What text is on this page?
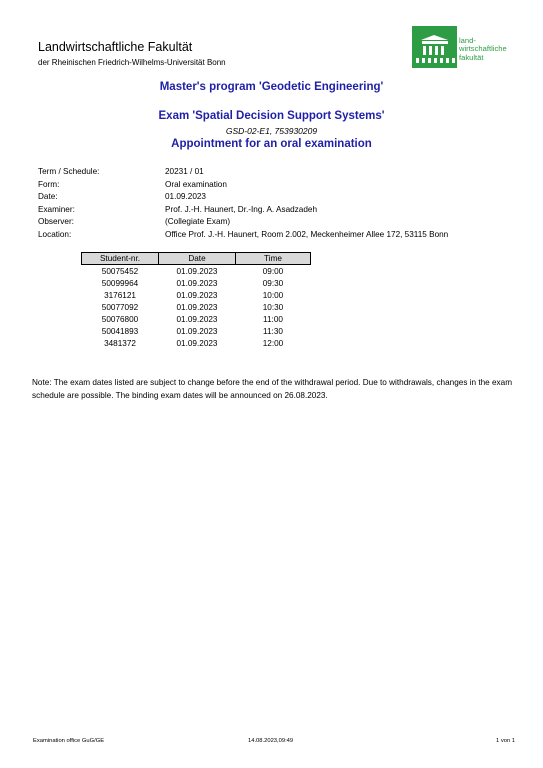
Landwirtschaftliche Fakultät
der Rheinischen Friedrich-Wilhelms-Universität Bonn
land-
wirtschaftliche
fakultät
Master's program 'Geodetic Engineering'
Exam 'Spatial Decision Support Systems'
GSD-02-E1, 753930209
Appointment for an oral examination
Term / Schedule:	20231 / 01
Form:	Oral examination
Date:	01.09.2023
Examiner:	Prof. J.-H. Haunert, Dr.-Ing. A. Asadzadeh
Observer:	(Collegiate Exam)
Location:	Office Prof. J.-H. Haunert, Room 2.002, Meckenheimer Allee 172, 53115 Bonn
Student-nr.	Date	Time
50075452	01.09.2023	09:00
50099964	01.09.2023	09:30
3176121	01.09.2023	10:00
50077092	01.09.2023	10:30
50076800	01.09.2023	11:00
50041893	01.09.2023	11:30
3481372	01.09.2023	12:00
Note: The exam dates listed are subject to change before the end of the withdrawal period. Due to withdrawals, changes in the exam schedule are possible. The binding exam dates will be announced on 26.08.2023.
Examination office GuG/GE	14.08.2023,09:49	1 von 1
